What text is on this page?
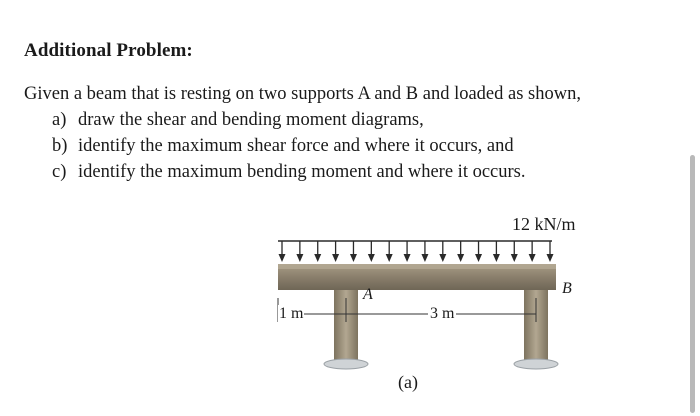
Additional Problem:
Given a beam that is resting on two supports A and B and loaded as shown,
a) draw the shear and bending moment diagrams,
b) identify the maximum shear force and where it occurs, and
c) identify the maximum bending moment and where it occurs.
12 kN/m
A	B
1 m	3 m
(a)
